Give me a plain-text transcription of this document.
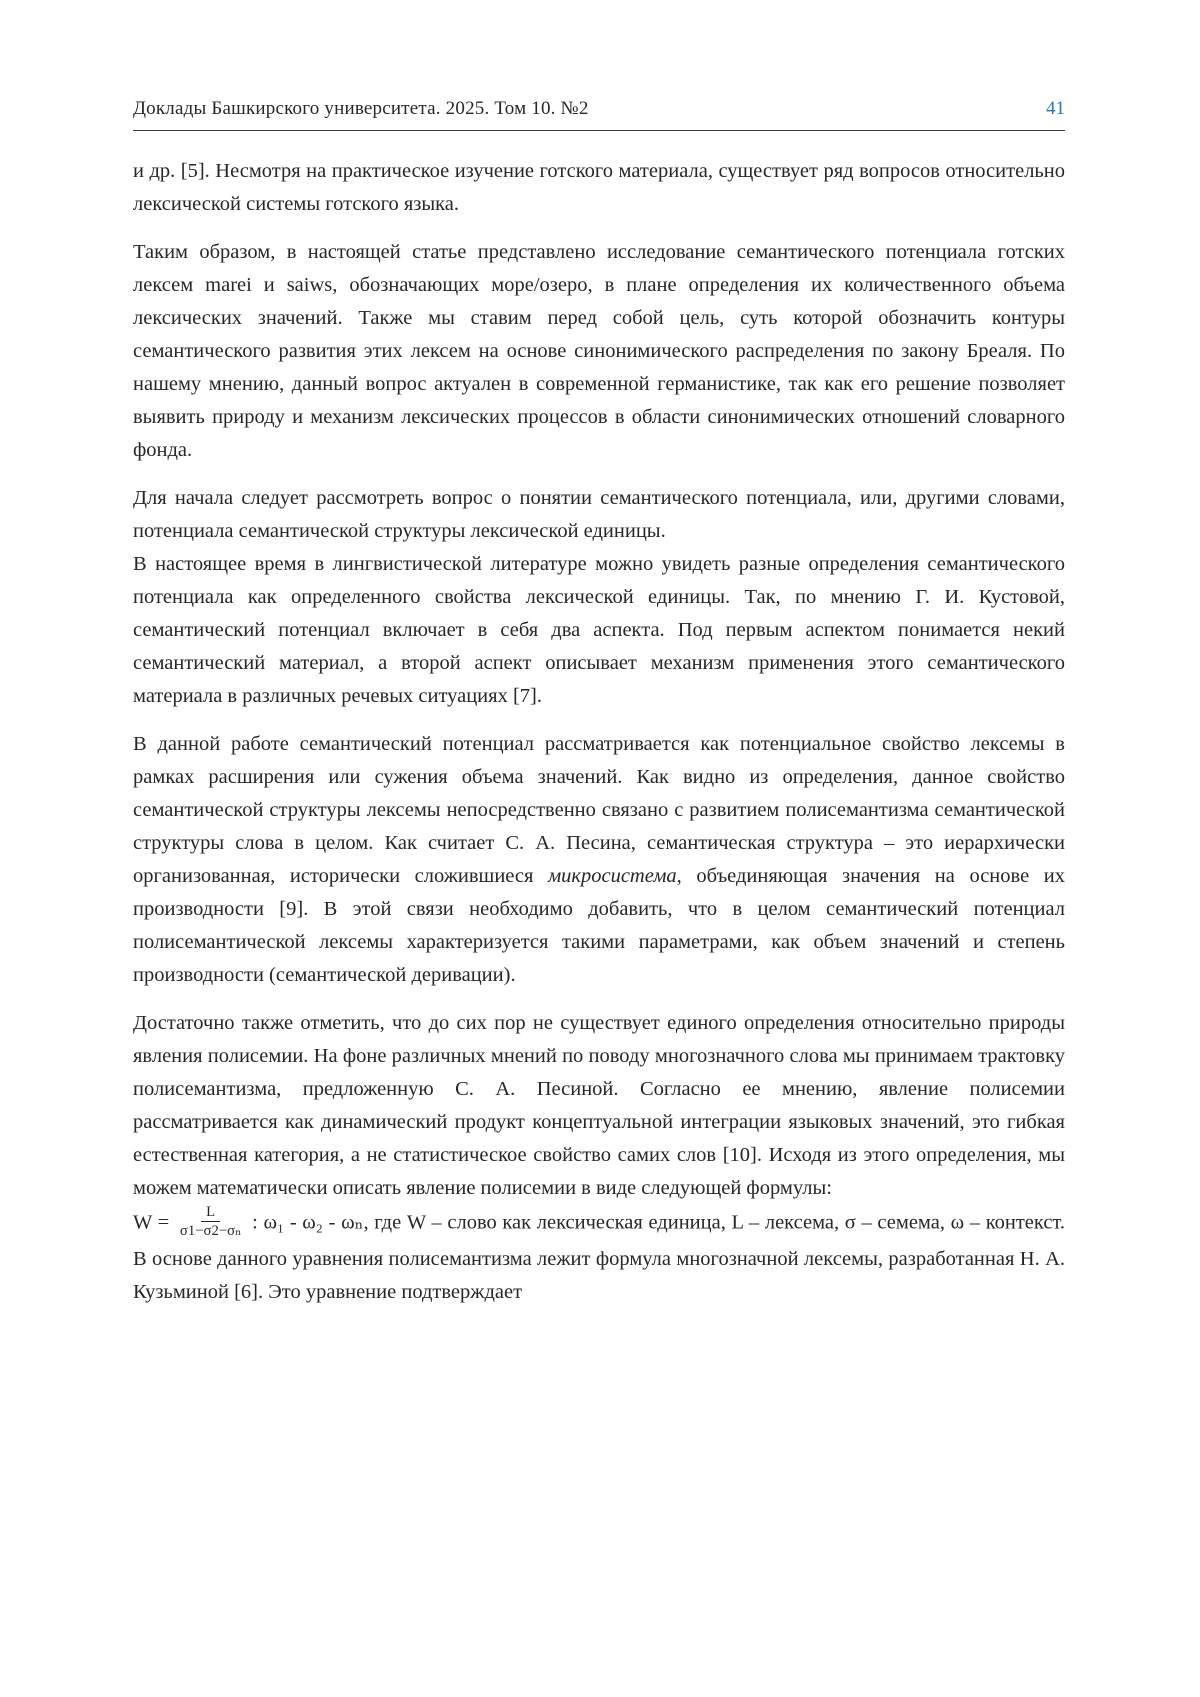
Доклады Башкирского университета. 2025. Том 10. №2	41

и др. [5]. Несмотря на практическое изучение готского материала, существует ряд вопросов относительно лексической системы готского языка.

Таким образом, в настоящей статье представлено исследование семантического потенциала готских лексем marei и saiws, обозначающих море/озеро, в плане определения их количественного объема лексических значений. Также мы ставим перед собой цель, суть которой обозначить контуры семантического развития этих лексем на основе синонимического распределения по закону Бреаля. По нашему мнению, данный вопрос актуален в современной германистике, так как его решение позволяет выявить природу и механизм лексических процессов в области синонимических отношений словарного фонда.

Для начала следует рассмотреть вопрос о понятии семантического потенциала, или, другими словами, потенциала семантической структуры лексической единицы.
В настоящее время в лингвистической литературе можно увидеть разные определения семантического потенциала как определенного свойства лексической единицы. Так, по мнению Г. И. Кустовой, семантический потенциал включает в себя два аспекта. Под первым аспектом понимается некий семантический материал, а второй аспект описывает механизм применения этого семантического материала в различных речевых ситуациях [7].

В данной работе семантический потенциал рассматривается как потенциальное свойство лексемы в рамках расширения или сужения объема значений. Как видно из определения, данное свойство семантической структуры лексемы непосредственно связано с развитием полисемантизма семантической структуры слова в целом. Как считает С. А. Песина, семантическая структура – это иерархически организованная, исторически сложившиеся микросистема, объединяющая значения на основе их производности [9]. В этой связи необходимо добавить, что в целом семантический потенциал полисемантической лексемы характеризуется такими параметрами, как объем значений и степень производности (семантической деривации).

Достаточно также отметить, что до сих пор не существует единого определения относительно природы явления полисемии. На фоне различных мнений по поводу многозначного слова мы принимаем трактовку полисемантизма, предложенную С. А. Песиной. Согласно ее мнению, явление полисемии рассматривается как динамический продукт концептуальной интеграции языковых значений, это гибкая естественная категория, а не статистическое свойство самих слов [10]. Исходя из этого определения, мы можем математически описать явление полисемии в виде следующей формулы:
$W = \frac{L}{\text{σ1−σ2−σₙ}}$ : ω₁ - ω₂ - ωₙ, где W – слово как лексическая единица, L – лексема, σ – семема, ω – контекст. В основе данного уравнения полисемантизма лежит формула многозначной лексемы, разработанная Н. А. Кузьминой [6]. Это уравнение подтверждает
